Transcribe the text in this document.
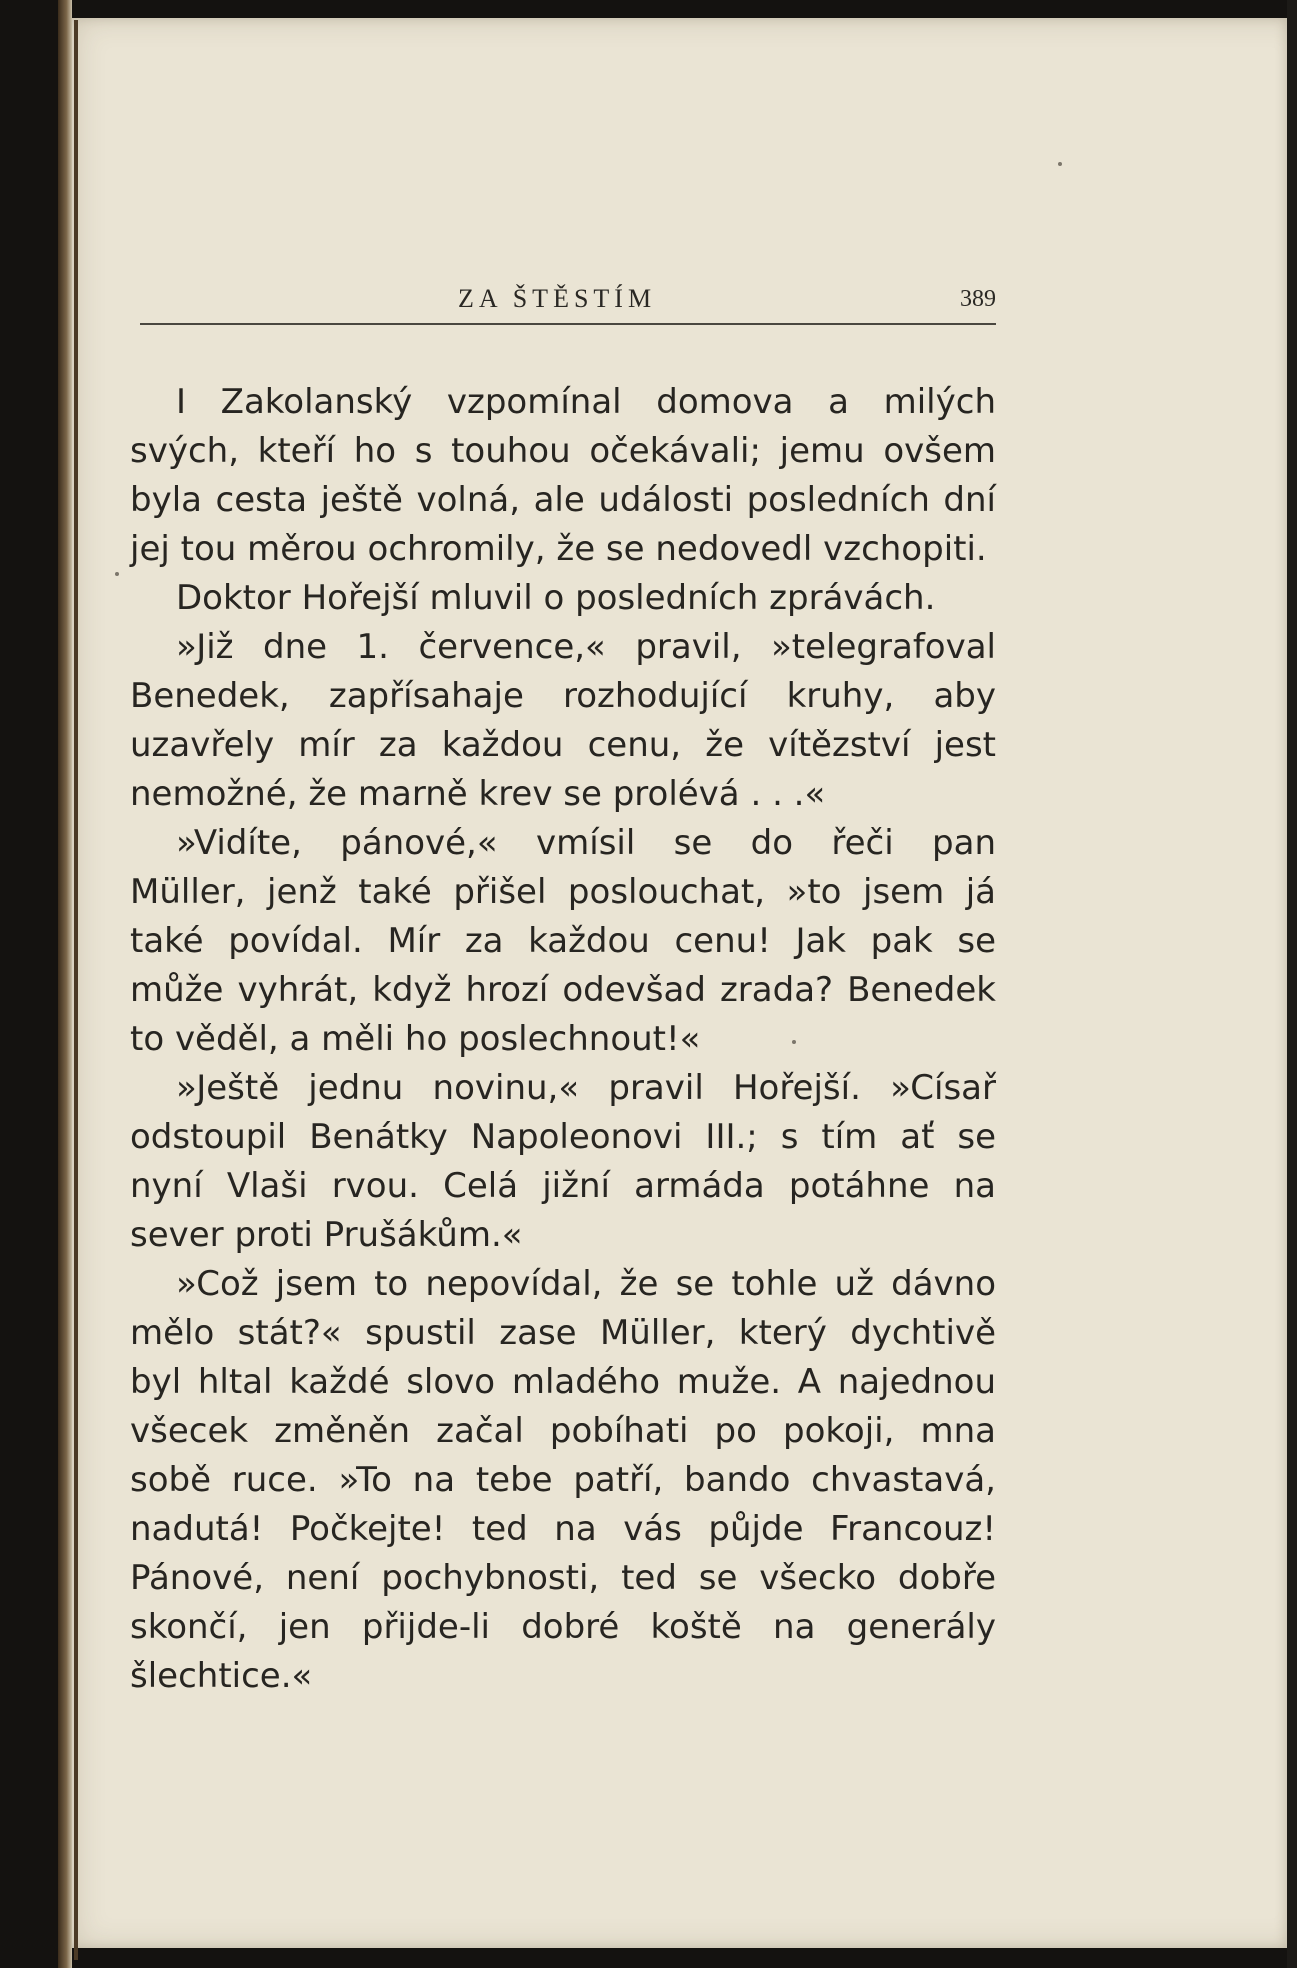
ZA ŠTĚSTÍM	389
I Zakolanský vzpomínal domova a milých
svých, kteří ho s touhou očekávali; jemu ovšem
byla cesta ještě volná, ale události posledních dní
jej tou měrou ochromily, že se nedovedl vzchopiti.
Doktor Hořejší mluvil o posledních zprávách.
»Již dne 1. července,« pravil, »telegrafoval
Benedek, zapřísahaje rozhodující kruhy, aby
uzavřely mír za každou cenu, že vítězství jest
nemožné, že marně krev se prolévá . . .«
»Vidíte, pánové,« vmísil se do řeči pan
Müller, jenž také přišel poslouchat, »to jsem já
také povídal. Mír za každou cenu! Jak pak se
může vyhrát, když hrozí odevšad zrada? Benedek
to věděl, a měli ho poslechnout!«
»Ještě jednu novinu,« pravil Hořejší. »Císař
odstoupil Benátky Napoleonovi III.; s tím ať se
nyní Vlaši rvou. Celá jižní armáda potáhne na
sever proti Prušákům.«
»Což jsem to nepovídal, že se tohle už dávno
mělo stát?« spustil zase Müller, který dychtivě
byl hltal každé slovo mladého muže. A najednou
všecek změněn začal pobíhati po pokoji, mna
sobě ruce. »To na tebe patří, bando chvastavá,
nadutá! Počkejte! ted na vás půjde Francouz!
Pánové, není pochybnosti, ted se všecko dobře
skončí, jen přijde-li dobré koště na generály
šlechtice.«
